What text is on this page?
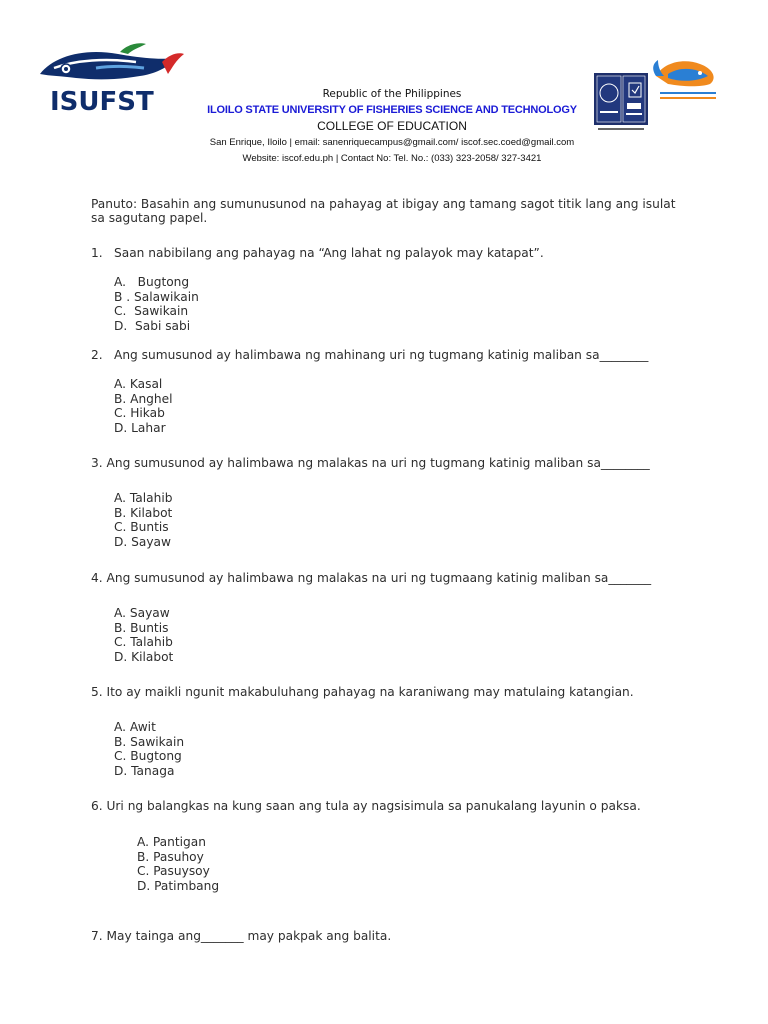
ISUFST	Republic of the Philippines
ILOILO STATE UNIVERSITY OF FISHERIES SCIENCE AND TECHNOLOGY
COLLEGE OF EDUCATION
San Enrique, Iloilo | email: sanenriquecampus@gmail.com/ iscof.sec.coed@gmail.com
Website: iscof.edu.ph | Contact No: Tel. No.: (033) 323-2058/ 327-3421
Panuto: Basahin ang sumunusunod na pahayag at ibigay ang tamang sagot titik lang ang isulat sa sagutang papel.
1. Saan nabibilang ang pahayag na “Ang lahat ng palayok may katapat”.
A.   Bugtong
B . Salawikain
C.  Sawikain
D.  Sabi sabi
2. Ang sumusunod ay halimbawa ng mahinang uri ng tugmang katinig maliban sa________
A. Kasal
B. Anghel
C. Hikab
D. Lahar
3. Ang sumusunod ay halimbawa ng malakas na uri ng tugmang katinig maliban sa________
A. Talahib
B. Kilabot
C. Buntis
D. Sayaw
4. Ang sumusunod ay halimbawa ng malakas na uri ng tugmaang katinig maliban sa_______
A. Sayaw
B. Buntis
C. Talahib
D. Kilabot
5. Ito ay maikli ngunit makabuluhang pahayag na karaniwang may matulaing katangian.
A. Awit
B. Sawikain
C. Bugtong
D. Tanaga
6. Uri ng balangkas na kung saan ang tula ay nagsisimula sa panukalang layunin o paksa.
A. Pantigan
B. Pasuhoy
C. Pasuysoy
D. Patimbang
7. May tainga ang_______ may pakpak ang balita.
